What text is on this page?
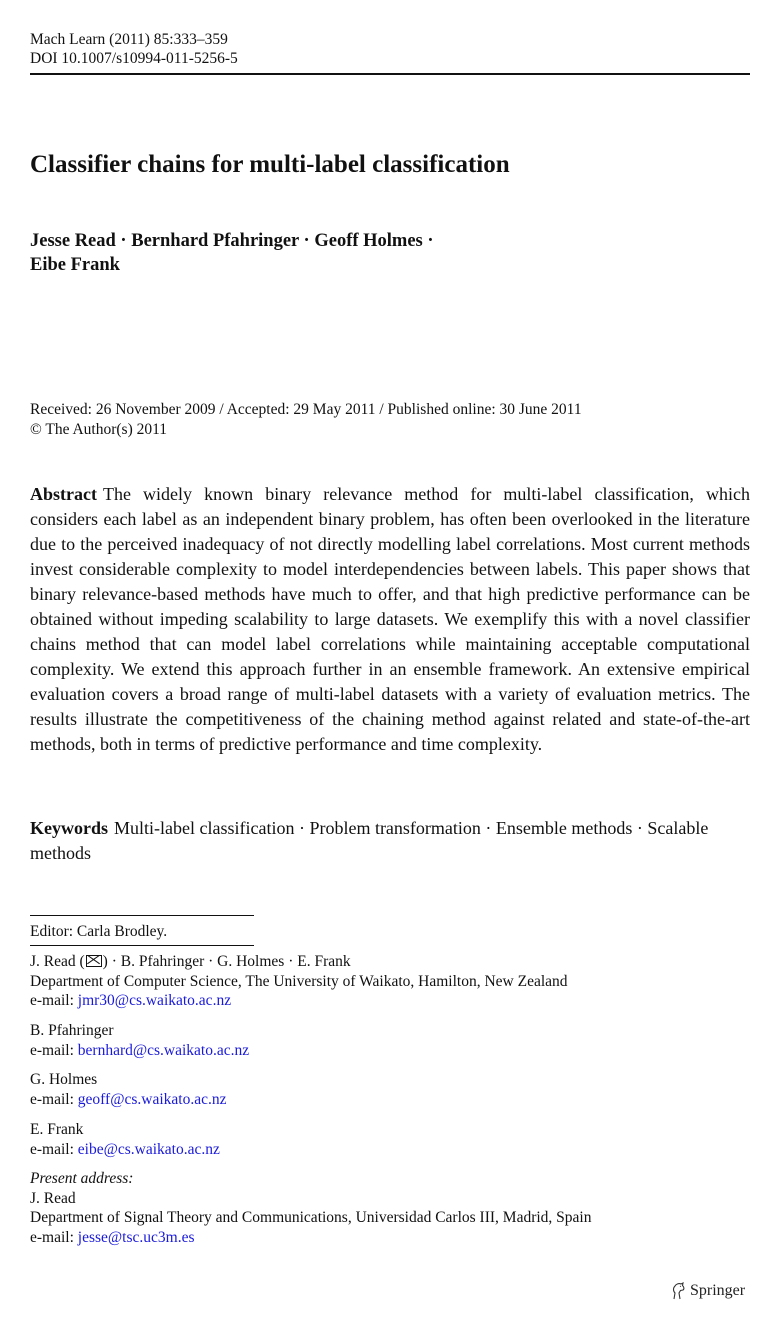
Mach Learn (2011) 85:333–359
DOI 10.1007/s10994-011-5256-5
Classifier chains for multi-label classification
Jesse Read · Bernhard Pfahringer · Geoff Holmes ·
Eibe Frank
Received: 26 November 2009 / Accepted: 29 May 2011 / Published online: 30 June 2011
© The Author(s) 2011

Abstract The widely known binary relevance method for multi-label classification, which considers each label as an independent binary problem, has often been overlooked in the literature due to the perceived inadequacy of not directly modelling label correlations. Most current methods invest considerable complexity to model interdependencies between labels. This paper shows that binary relevance-based methods have much to offer, and that high predictive performance can be obtained without impeding scalability to large datasets. We exemplify this with a novel classifier chains method that can model label correlations while maintaining acceptable computational complexity. We extend this approach further in an ensemble framework. An extensive empirical evaluation covers a broad range of multi-label datasets with a variety of evaluation metrics. The results illustrate the competitiveness of the chaining method against related and state-of-the-art methods, both in terms of predictive performance and time complexity.

Keywords Multi-label classification · Problem transformation · Ensemble methods · Scalable methods

Editor: Carla Brodley.
J. Read ( ) · B. Pfahringer · G. Holmes · E. Frank
Department of Computer Science, The University of Waikato, Hamilton, New Zealand
e-mail: jmr30@cs.waikato.ac.nz
B. Pfahringer
e-mail: bernhard@cs.waikato.ac.nz
G. Holmes
e-mail: geoff@cs.waikato.ac.nz
E. Frank
e-mail: eibe@cs.waikato.ac.nz
Present address:
J. Read
Department of Signal Theory and Communications, Universidad Carlos III, Madrid, Spain
e-mail: jesse@tsc.uc3m.es
Springer
